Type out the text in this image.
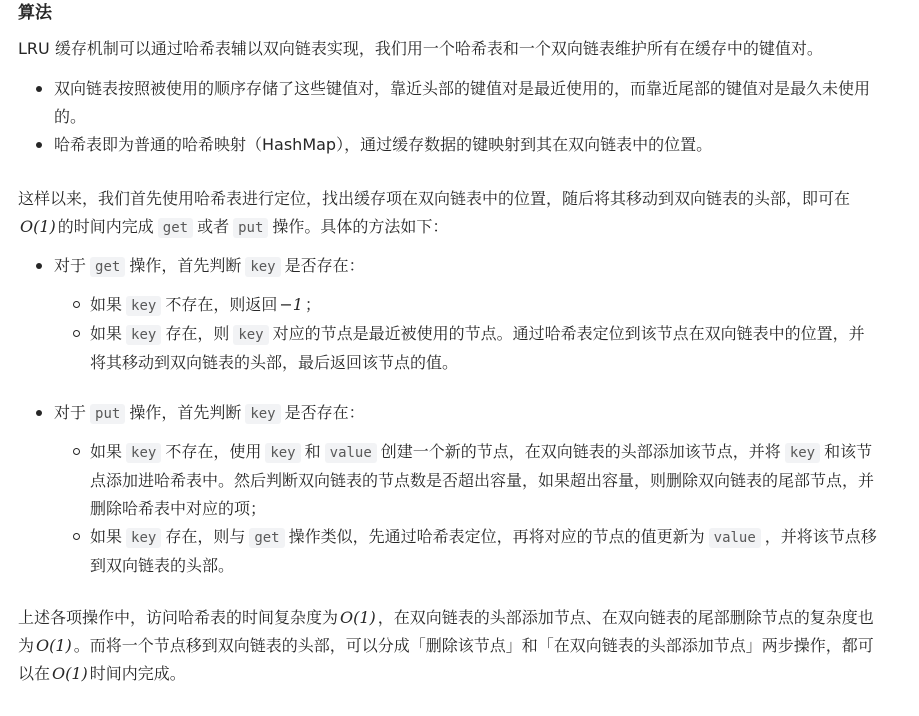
算法

LRU 缓存机制可以通过哈希表辅以双向链表实现，我们用一个哈希表和一个双向链表维护所有在缓存中的键值对。

双向链表按照被使用的顺序存储了这些键值对，靠近头部的键值对是最近使用的，而靠近尾部的键值对是最久未使用的。
哈希表即为普通的哈希映射（HashMap），通过缓存数据的键映射到其在双向链表中的位置。

这样以来，我们首先使用哈希表进行定位，找出缓存项在双向链表中的位置，随后将其移动到双向链表的头部，即可在O(1) 的时间内完成 get 或者 put 操作。具体的方法如下：

对于 get 操作，首先判断 key 是否存在：
如果 key 不存在，则返回 −1 ；
如果 key 存在，则 key 对应的节点是最近被使用的节点。通过哈希表定位到该节点在双向链表中的位置，并将其移动到双向链表的头部，最后返回该节点的值。
对于 put 操作，首先判断 key 是否存在：
如果 key 不存在，使用 key 和 value 创建一个新的节点，在双向链表的头部添加该节点，并将 key 和该节点添加进哈希表中。然后判断双向链表的节点数是否超出容量，如果超出容量，则删除双向链表的尾部节点，并删除哈希表中对应的项；
如果 key 存在，则与 get 操作类似，先通过哈希表定位，再将对应的节点的值更新为 value ，并将该节点移到双向链表的头部。

上述各项操作中，访问哈希表的时间复杂度为 O(1) ，在双向链表的头部添加节点、在双向链表的尾部删除节点的复杂度也为 O(1) 。而将一个节点移到双向链表的头部，可以分成「删除该节点」和「在双向链表的头部添加节点」两步操作，都可以在 O(1) 时间内完成。
